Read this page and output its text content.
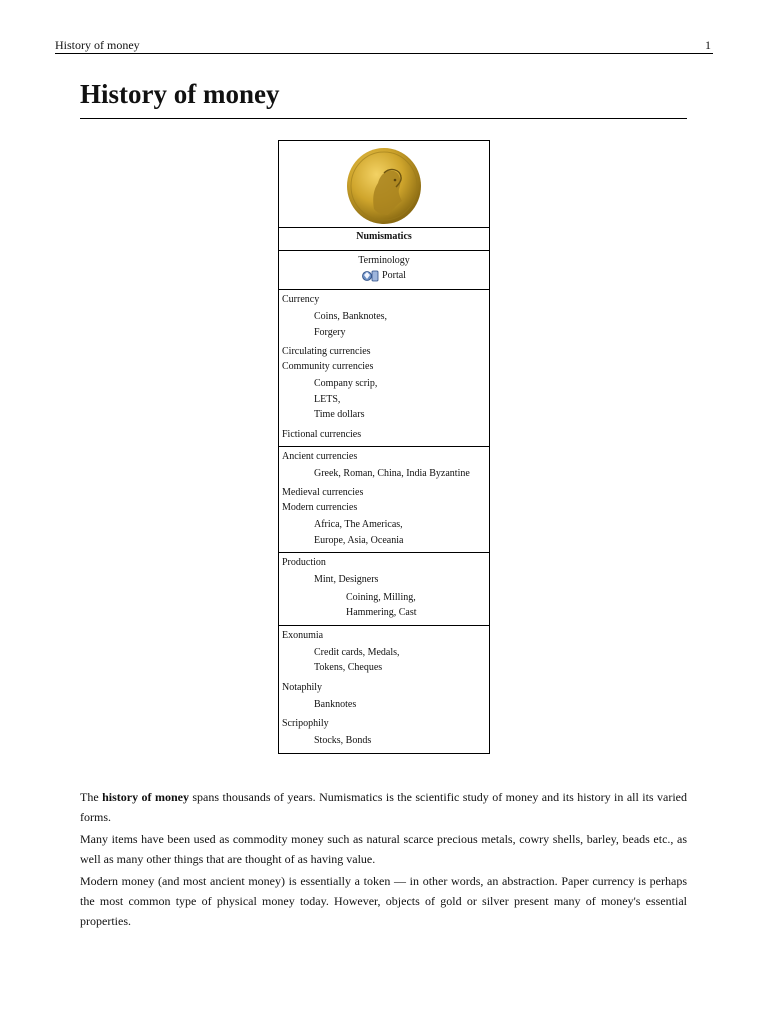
History of money	1
History of money
Numismatics
Terminology
Portal
Currency
Coins, Banknotes,
Forgery
Circulating currencies
Community currencies
Company scrip,
LETS,
Time dollars
Fictional currencies
Ancient currencies
Greek, Roman, China, India Byzantine
Medieval currencies
Modern currencies
Africa, The Americas,
Europe, Asia, Oceania
Production
Mint, Designers
Coining, Milling,
Hammering, Cast
Exonumia
Credit cards, Medals,
Tokens, Cheques
Notaphily
Banknotes
Scripophily
Stocks, Bonds

The history of money spans thousands of years. Numismatics is the scientific study of money and its history in all its varied forms.

Many items have been used as commodity money such as natural scarce precious metals, cowry shells, barley, beads etc., as well as many other things that are thought of as having value.

Modern money (and most ancient money) is essentially a token — in other words, an abstraction. Paper currency is perhaps the most common type of physical money today. However, objects of gold or silver present many of money's essential properties.
